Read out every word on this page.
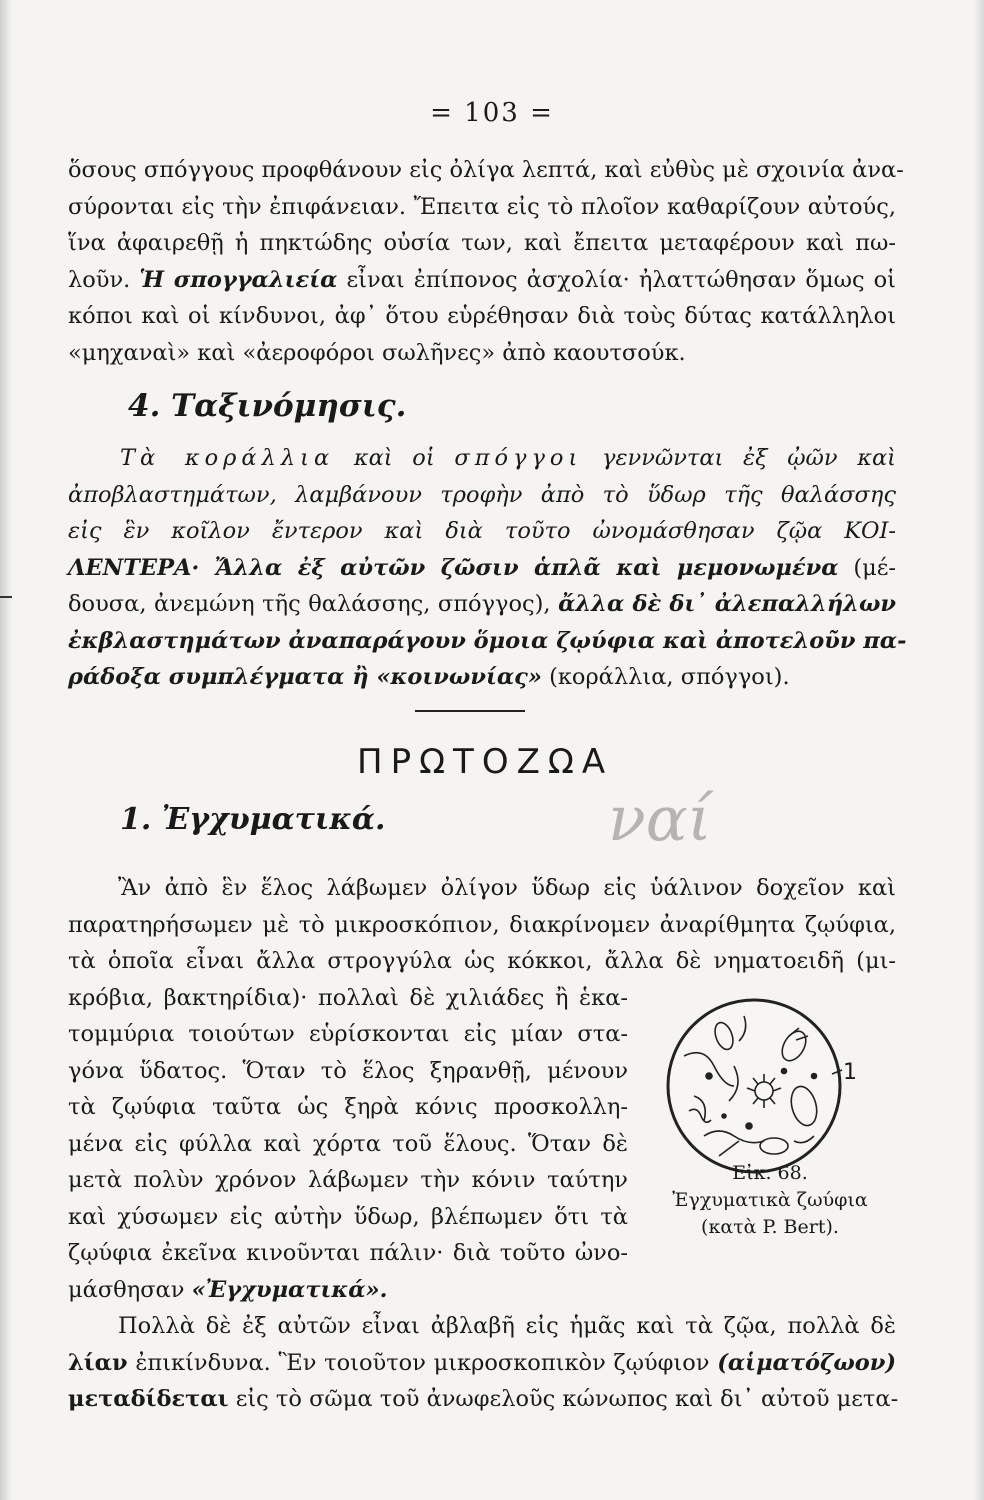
= 103 =
ὅσους σπόγγους προφθάνουν εἰς ὀλίγα λεπτά, καὶ εὐθὺς μὲ σχοινία ἀνα-
σύρονται εἰς τὴν ἐπιφάνειαν. Ἔπειτα εἰς τὸ πλοῖον καθαρίζουν αὐτούς,
ἵνα ἀφαιρεθῇ ἡ πηκτώδης οὐσία των, καὶ ἔπειτα μεταφέρουν καὶ πω-
λοῦν. Ἡ σπογγαλιεία εἶναι ἐπίπονος ἀσχολία· ἠλαττώθησαν ὅμως οἱ
κόποι καὶ οἱ κίνδυνοι, ἀφ᾿ ὅτου εὑρέθησαν διὰ τοὺς δύτας κατάλληλοι
«μηχαναὶ» καὶ «ἀεροφόροι σωλῆνες» ἀπὸ καουτσούκ.
4. Ταξινόμησις.
Τὰ κοράλλια καὶ οἱ σπόγγοι γεννῶνται ἐξ ᾠῶν καὶ
ἀποβλαστημάτων, λαμβάνουν τροφὴν ἀπὸ τὸ ὕδωρ τῆς θαλάσσης
εἰς ἓν κοῖλον ἔντερον καὶ διὰ τοῦτο ὠνομάσθησαν ζῷα ΚΟΙ-
ΛΕΝΤΕΡΑ· Ἄλλα ἐξ αὐτῶν ζῶσιν ἁπλᾶ καὶ μεμονωμένα (μέ-
δουσα, ἀνεμώνη τῆς θαλάσσης, σπόγγος), ἄλλα δὲ δι᾿ ἀλεπαλλήλων
ἐκβλαστημάτων ἀναπαράγουν ὅμοια ζῳύφια καὶ ἀποτελοῦν πα-
ράδοξα συμπλέγματα ἢ «κοινωνίας» (κοράλλια, σπόγγοι).
ΠΡΩΤΟΖΩΑ
ναί
1. Ἐγχυματικά.
Ἂν ἀπὸ ἓν ἕλος λάβωμεν ὀλίγον ὕδωρ εἰς ὑάλινον δοχεῖον καὶ
παρατηρήσωμεν μὲ τὸ μικροσκόπιον, διακρίνομεν ἀναρίθμητα ζῳύφια,
τὰ ὁποῖα εἶναι ἄλλα στρογγύλα ὡς κόκκοι, ἄλλα δὲ νηματοειδῆ (μι-
κρόβια, βακτηρίδια)· πολλαὶ δὲ χιλιάδες ἢ ἑκα-
τομμύρια τοιούτων εὑρίσκονται εἰς μίαν στα-
γόνα ὕδατος. Ὅταν τὸ ἕλος ξηρανθῇ, μένουν
τὰ ζῳύφια ταῦτα ὡς ξηρὰ κόνις προσκολλη-
μένα εἰς φύλλα καὶ χόρτα τοῦ ἕλους. Ὅταν δὲ
μετὰ πολὺν χρόνον λάβωμεν τὴν κόνιν ταύτην
καὶ χύσωμεν εἰς αὐτὴν ὕδωρ, βλέπωμεν ὅτι τὰ
ζῳύφια ἐκεῖνα κινοῦνται πάλιν· διὰ τοῦτο ὠνο-
μάσθησαν «Ἐγχυματικά».
Πολλὰ δὲ ἐξ αὐτῶν εἶναι ἀβλαβῆ εἰς ἡμᾶς καὶ τὰ ζῷα, πολλὰ δὲ
λίαν ἐπικίνδυνα. Ἓν τοιοῦτον μικροσκοπικὸν ζῳύφιον (αἱματόζωον)
μεταδίδεται εἰς τὸ σῶμα τοῦ ἀνωφελοῦς κώνωπος καὶ δι᾿ αὐτοῦ μετα-
1
Εἰκ. 68.
Ἐγχυματικὰ ζωύφια
(κατὰ P. Bert).
